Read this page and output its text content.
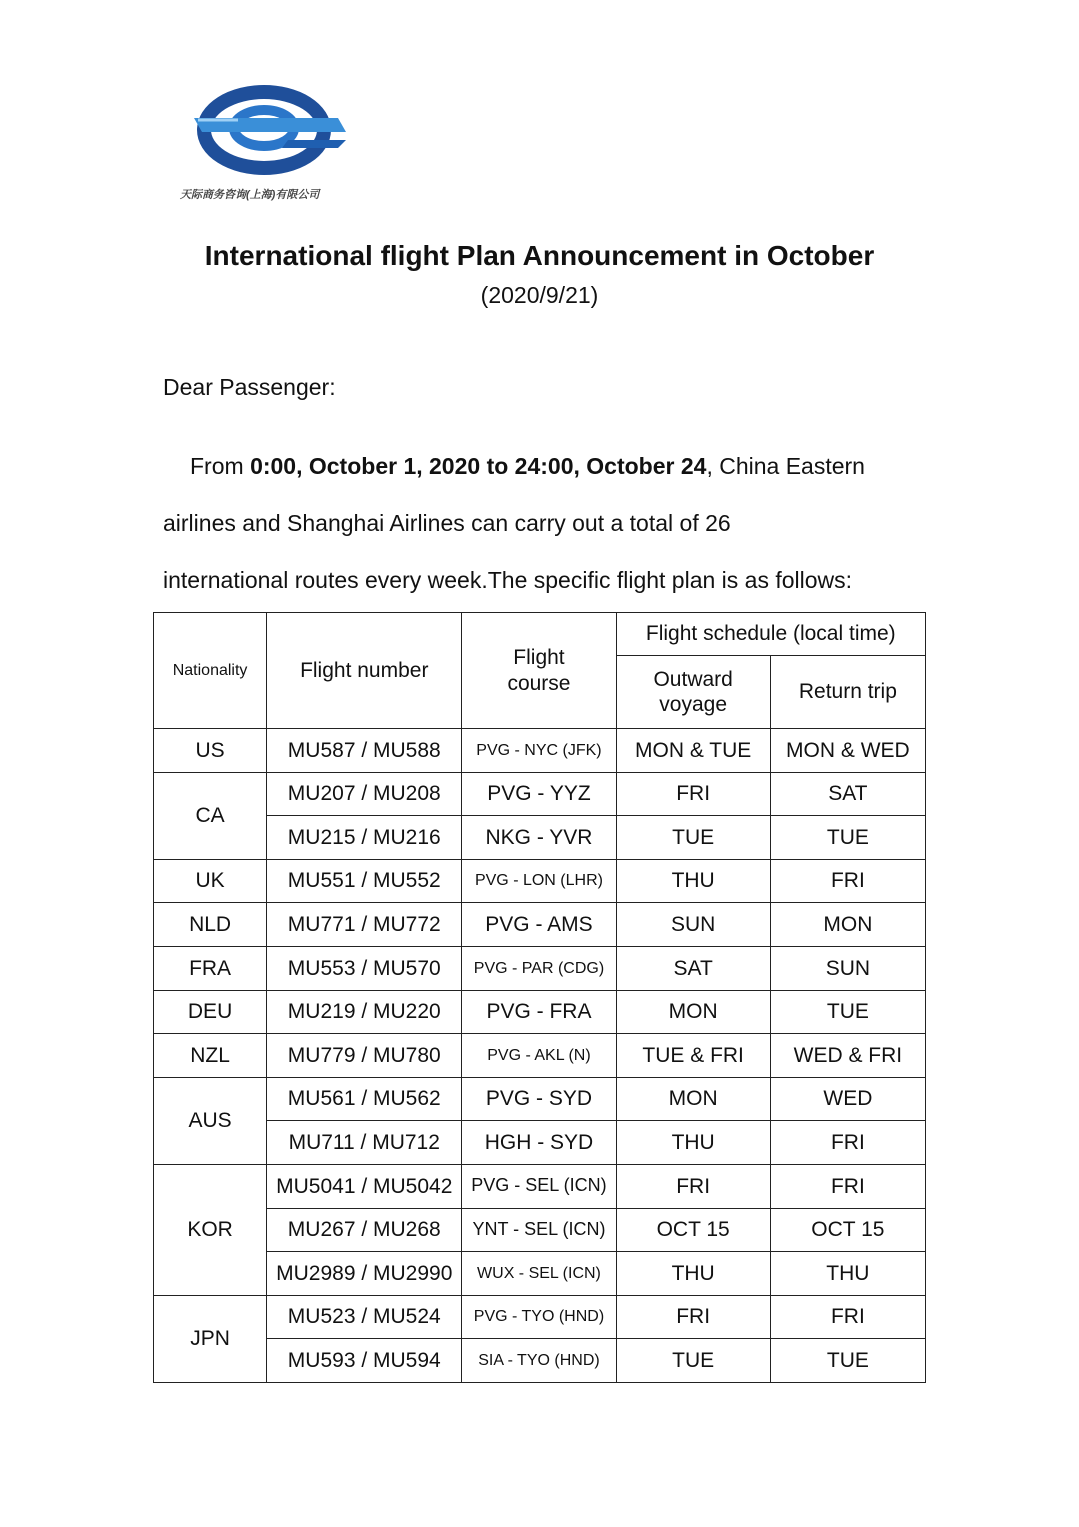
天际商务咨询(上海)有限公司
International flight Plan Announcement in October
(2020/9/21)
Dear Passenger:
From 0:00, October 1, 2020 to 24:00, October 24, China Eastern
airlines and Shanghai Airlines can carry out a total of 26
international routes every week.The specific flight plan is as follows:
Nationality	Flight number	Flight course	Flight schedule (local time)	

			Outward voyage	Return trip
US	MU587 / MU588	PVG - NYC (JFK)	MON & TUE	MON & WED
CA	MU207 / MU208	PVG - YYZ	FRI	SAT
	MU215 / MU216	NKG - YVR	TUE	TUE
UK	MU551 / MU552	PVG - LON (LHR)	THU	FRI
NLD	MU771 / MU772	PVG - AMS	SUN	MON
FRA	MU553 / MU570	PVG - PAR (CDG)	SAT	SUN
DEU	MU219 / MU220	PVG - FRA	MON	TUE
NZL	MU779 / MU780	PVG - AKL (N)	TUE & FRI	WED & FRI
AUS	MU561 / MU562	PVG - SYD	MON	WED
	MU711 / MU712	HGH - SYD	THU	FRI
KOR	MU5041 / MU5042	PVG - SEL (ICN)	FRI	FRI
	MU267 / MU268	YNT - SEL (ICN)	OCT 15	OCT 15
	MU2989 / MU2990	WUX - SEL (ICN)	THU	THU
JPN	MU523 / MU524	PVG - TYO (HND)	FRI	FRI
	MU593 / MU594	SIA - TYO (HND)	TUE	TUE
